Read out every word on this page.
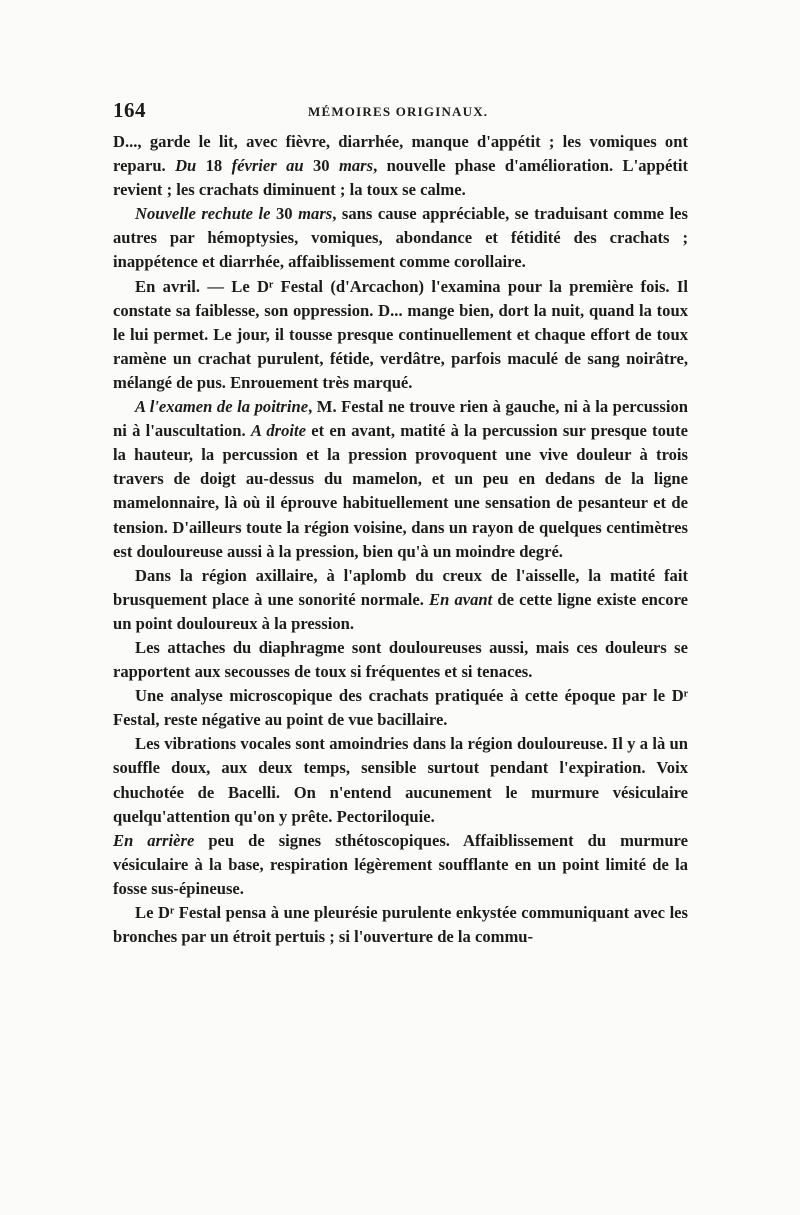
164	MÉMOIRES ORIGINAUX.

D..., garde le lit, avec fièvre, diarrhée, manque d'appétit ; les vomiques ont reparu. Du 18 février au 30 mars, nouvelle phase d'amélioration. L'appétit revient ; les crachats diminuent ; la toux se calme.

Nouvelle rechute le 30 mars, sans cause appréciable, se traduisant comme les autres par hémoptysies, vomiques, abondance et fétidité des crachats ; inappétence et diarrhée, affaiblissement comme corollaire.

En avril. — Le Dʳ Festal (d'Arcachon) l'examina pour la première fois. Il constate sa faiblesse, son oppression. D... mange bien, dort la nuit, quand la toux le lui permet. Le jour, il tousse presque continuellement et chaque effort de toux ramène un crachat purulent, fétide, verdâtre, parfois maculé de sang noirâtre, mélangé de pus. Enrouement très marqué.

A l'examen de la poitrine, M. Festal ne trouve rien à gauche, ni à la percussion ni à l'auscultation. A droite et en avant, matité à la percussion sur presque toute la hauteur, la percussion et la pression provoquent une vive douleur à trois travers de doigt au-dessus du mamelon, et un peu en dedans de la ligne mamelonnaire, là où il éprouve habituellement une sensation de pesanteur et de tension. D'ailleurs toute la région voisine, dans un rayon de quelques centimètres est douloureuse aussi à la pression, bien qu'à un moindre degré.

Dans la région axillaire, à l'aplomb du creux de l'aisselle, la matité fait brusquement place à une sonorité normale. En avant de cette ligne existe encore un point douloureux à la pression.

Les attaches du diaphragme sont douloureuses aussi, mais ces douleurs se rapportent aux secousses de toux si fréquentes et si tenaces.

Une analyse microscopique des crachats pratiquée à cette époque par le Dʳ Festal, reste négative au point de vue bacillaire.

Les vibrations vocales sont amoindries dans la région douloureuse. Il y a là un souffle doux, aux deux temps, sensible surtout pendant l'expiration. Voix chuchotée de Bacelli. On n'entend aucunement le murmure vésiculaire quelqu'attention qu'on y prête. Pectoriloquie.

En arrière peu de signes sthétoscopiques. Affaiblissement du murmure vésiculaire à la base, respiration légèrement soufflante en un point limité de la fosse sus-épineuse.

Le Dʳ Festal pensa à une pleurésie purulente enkystée communiquant avec les bronches par un étroit pertuis ; si l'ouverture de la commu-
